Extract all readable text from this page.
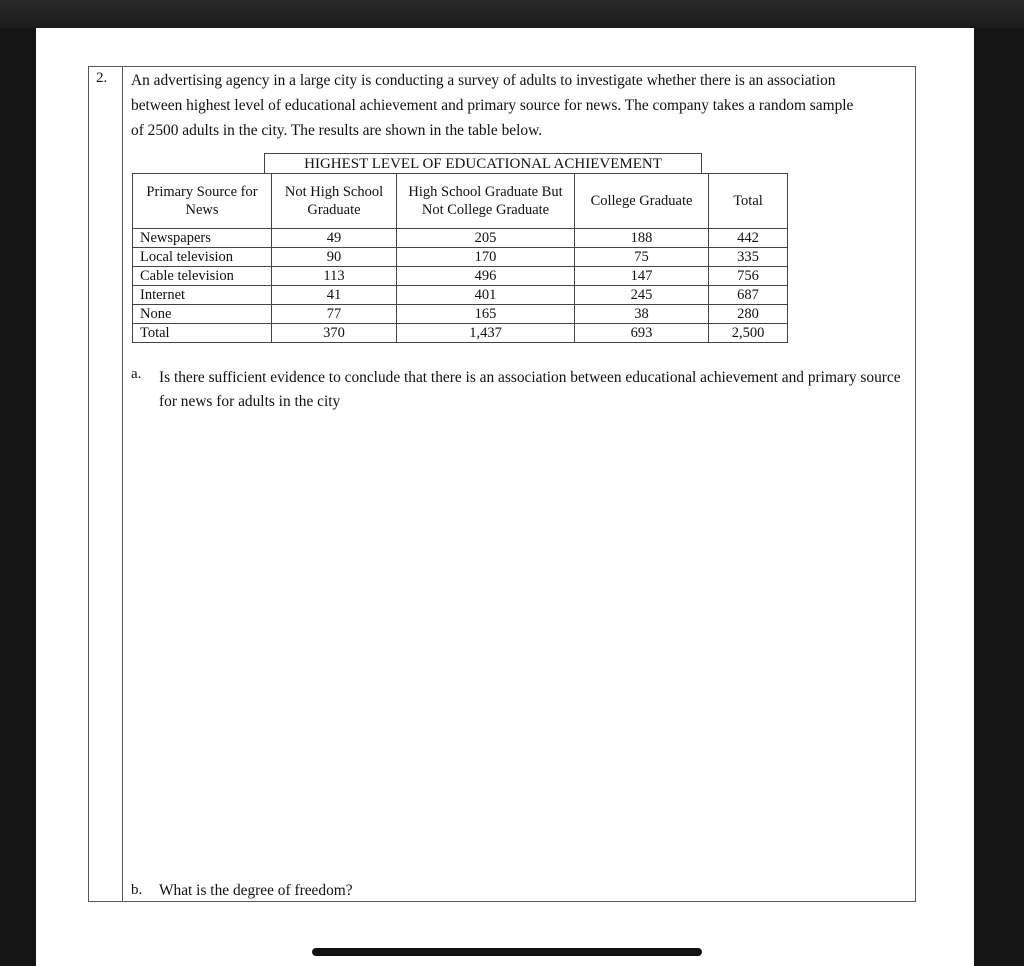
2. An advertising agency in a large city is conducting a survey of adults to investigate whether there is an association
between highest level of educational achievement and primary source for news. The company takes a random sample
of 2500 adults in the city. The results are shown in the table below.
HIGHEST LEVEL OF EDUCATIONAL ACHIEVEMENT
Primary Source for News	Not High School Graduate	High School Graduate But Not College Graduate	College Graduate	Total
Newspapers	49	205	188	442
Local television	90	170	75	335
Cable television	113	496	147	756
Internet	41	401	245	687
None	77	165	38	280
Total	370	1,437	693	2,500
a. Is there sufficient evidence to conclude that there is an association between educational achievement and primary source for news for adults in the city
b. What is the degree of freedom?
